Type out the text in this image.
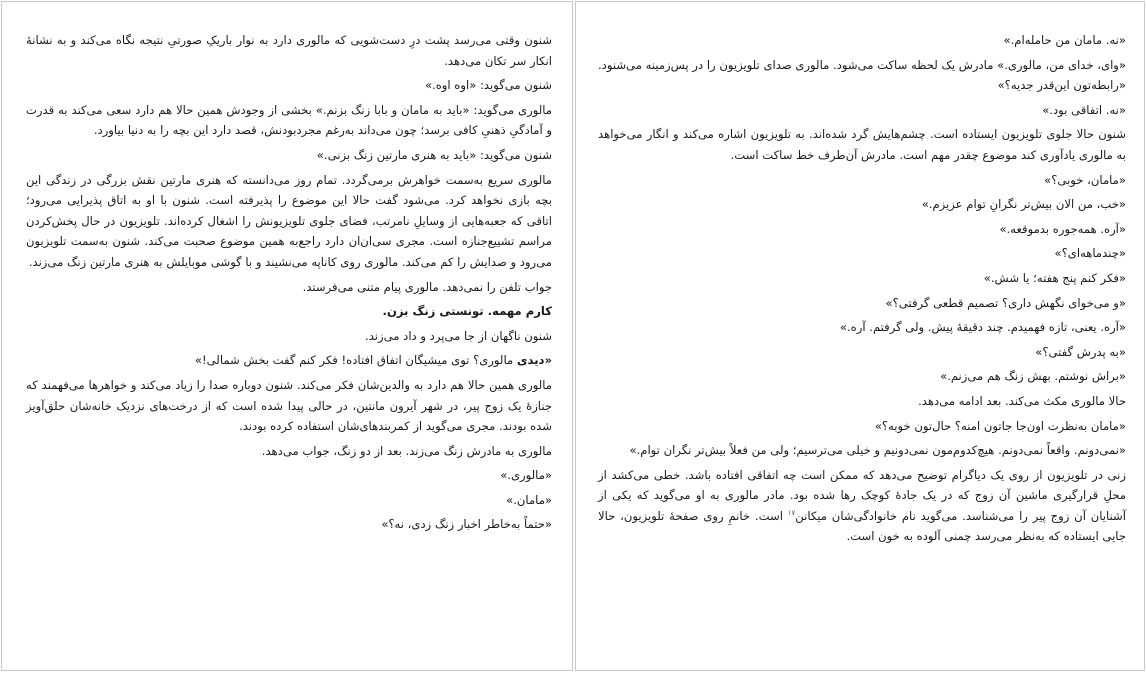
شنون وقتی می‌رسد پشت درِ دست‌شویی که مالوری دارد به نوار باریکِ صورتیِ نتیجه نگاه می‌کند و به نشانهٔ انکار سر تکان می‌دهد.

شنون می‌گوید: «اوه اوه.»

مالوری می‌گوید: «باید به مامان و بابا زنگ بزنم.» بخشی از وجودش همین حالا هم دارد سعی می‌کند به قدرت و آمادگیِ ذهنیِ کافی برسد؛ چون می‌داند به‌رغم مجردبودنش، قصد دارد این بچه را به دنیا بیاورد.

شنون می‌گوید: «باید به هنری مارتین زنگ بزنی.»

مالوری سریع به‌سمت خواهرش برمی‌گردد. تمام روز می‌دانسته که هنری مارتین نقش بزرگی در زندگی این بچه بازی نخواهد کرد. می‌شود گفت حالا این موضوع را پذیرفته است. شنون با او به اتاق پذیرایی می‌رود؛ اتاقی که جعبه‌هایی از وسایلِ نامرتب، فضای جلوی تلویزیونش را اشغال کرده‌اند. تلویزیون در حال پخش‌کردن مراسم تشییع‌جنازه است. مجری سی‌ان‌ان دارد راجع‌به همین موضوع صحبت می‌کند. شنون به‌سمت تلویزیون می‌رود و صدایش را کم می‌کند. مالوری روی کاناپه می‌نشیند و با گوشی موبایلش به هنری مارتین زنگ می‌زند.

جواب تلفن را نمی‌دهد. مالوری پیام متنی می‌فرستد.

کارم مهمه. تونستی زنگ بزن.

شنون ناگهان از جا می‌پرد و داد می‌زند.

«دیدی مالوری؟ توی میشیگان اتفاق افتاده! فکر کنم گفت بخش شمالی!»

مالوری همین حالا هم دارد به والدین‌شان فکر می‌کند. شنون دوباره صدا را زیاد می‌کند و خواهرها می‌فهمند که جنازهٔ یک زوج پیر، در شهر آیرون مانتین، در حالی پیدا شده است که از درخت‌های نزدیک خانه‌شان حلق‌آویز شده بودند. مجری می‌گوید از کمربندهای‌شان استفاده کرده بودند.

مالوری به مادرش زنگ می‌زند. بعد از دو زنگ، جواب می‌دهد.

«مالوری.»

«مامان.»

«حتماً به‌خاطر اخبار زنگ زدی، نه؟»

«نه. مامان من حامله‌ام.»

«وای، خدای من، مالوری.» مادرش یک لحظه ساکت می‌شود. مالوری صدای تلویزیون را در پس‌زمینه می‌شنود. «رابطه‌تون این‌قدر جدیه؟»

«نه. اتفاقی بود.»

شنون حالا جلوی تلویزیون ایستاده است. چشم‌هایش گرد شده‌اند. به تلویزیون اشاره می‌کند و انگار می‌خواهد به مالوری یادآوری کند موضوع چقدر مهم است. مادرش آن‌طرف خط ساکت است.

«مامان، خوبی؟»

«خب، من الان بیش‌تر نگرانِ توام عزیزم.»

«آره. همه‌جوره بدموقعه.»

«چندماهه‌ای؟»

«فکر کنم پنج هفته؛ یا شش.»

«و می‌خوای نگهش داری؟ تصمیم قطعی گرفتی؟»

«آره. یعنی، تازه فهمیدم. چند دقیقهٔ پیش. ولی گرفتم. آره.»

«به پدرش گفتی؟»

«براش نوشتم. بهش زنگ هم می‌زنم.»

حالا مالوری مکث می‌کند. بعد ادامه می‌دهد.

«مامان به‌نظرت اون‌جا جاتون امنه؟ حال‌تون خوبه؟»

«نمی‌دونم. واقعاً نمی‌دونم. هیچ‌کدوم‌مون نمی‌دونیم و خیلی می‌ترسیم؛ ولی من فعلاً بیش‌تر نگران توام.»

زنی در تلویزیون از روی یک دیاگرام توضیح می‌دهد که ممکن است چه اتفاقی افتاده باشد. خطی می‌کشد از محلِ قرارگیری ماشین آن زوج که در یک جادهٔ کوچک رها شده بود. مادر مالوری به او می‌گوید که یکی از آشنایان آن زوج پیر را می‌شناسد. می‌گوید نام خانوادگی‌شان میکانن$^{۱۷}$ است. خانمِ روی صفحهٔ تلویزیون، حالا جایی ایستاده که به‌نظر می‌رسد چمنی آلوده به خون است.
